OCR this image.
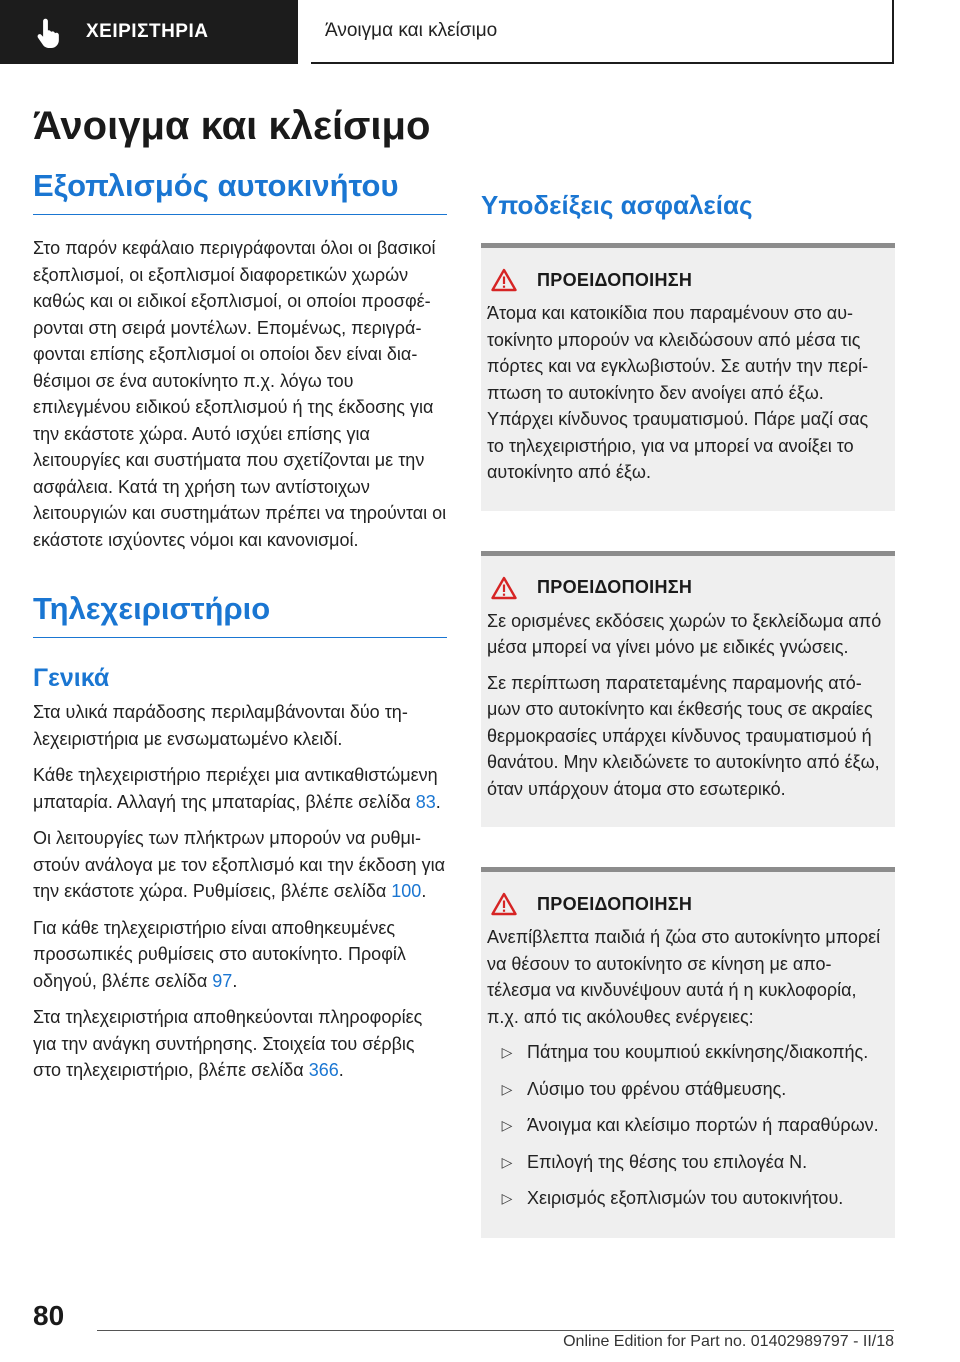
ΧΕΙΡΙΣΤΗΡΙΑ	Άνοιγμα και κλείσιμο
Άνοιγμα και κλείσιμο
Εξοπλισμός αυτοκινήτου

Στο παρόν κεφάλαιο περιγράφονται όλοι οι βασικοί εξοπλισμοί, οι εξοπλισμοί διαφορετικών χωρών καθώς και οι ειδικοί εξοπλισμοί, οι οποίοι προσφέρονται στη σειρά μοντέλων. Επομένως, περιγράφονται επίσης εξοπλισμοί οι οποίοι δεν είναι διαθέσιμοι σε ένα αυτοκίνητο π.χ. λόγω του επιλεγμένου ειδικού εξοπλισμού ή της έκδοσης για την εκάστοτε χώρα. Αυτό ισχύει επίσης για λειτουργίες και συστήματα που σχετίζονται με την ασφάλεια. Κατά τη χρήση των αντίστοιχων λειτουργιών και συστημάτων πρέπει να τηρούνται οι εκάστοτε ισχύοντες νόμοι και κανονισμοί.

Τηλεχειριστήριο
Γενικά

Στα υλικά παράδοσης περιλαμβάνονται δύο τηλεχειριστήρια με ενσωματωμένο κλειδί.

Κάθε τηλεχειριστήριο περιέχει μια αντικαθιστώμενη μπαταρία. Αλλαγή της μπαταρίας, βλέπε σελίδα 83.

Οι λειτουργίες των πλήκτρων μπορούν να ρυθμιστούν ανάλογα με τον εξοπλισμό και την έκδοση για την εκάστοτε χώρα. Ρυθμίσεις, βλέπε σελίδα 100.

Για κάθε τηλεχειριστήριο είναι αποθηκευμένες προσωπικές ρυθμίσεις στο αυτοκίνητο. Προφίλ οδηγού, βλέπε σελίδα 97.

Στα τηλεχειριστήρια αποθηκεύονται πληροφορίες για την ανάγκη συντήρησης. Στοιχεία του σέρβις στο τηλεχειριστήριο, βλέπε σελίδα 366.

Υποδείξεις ασφαλείας
ΠΡΟΕΙΔΟΠΟΙΗΣΗ

Άτομα και κατοικίδια που παραμένουν στο αυτοκίνητο μπορούν να κλειδώσουν από μέσα τις πόρτες και να εγκλωβιστούν. Σε αυτήν την περίπτωση το αυτοκίνητο δεν ανοίγει από έξω. Υπάρχει κίνδυνος τραυματισμού. Πάρε μαζί σας το τηλεχειριστήριο, για να μπορεί να ανοίξει το αυτοκίνητο από έξω.

ΠΡΟΕΙΔΟΠΟΙΗΣΗ

Σε ορισμένες εκδόσεις χωρών το ξεκλείδωμα από μέσα μπορεί να γίνει μόνο με ειδικές γνώσεις.

Σε περίπτωση παρατεταμένης παραμονής ατόμων στο αυτοκίνητο και έκθεσής τους σε ακραίες θερμοκρασίες υπάρχει κίνδυνος τραυματισμού ή θανάτου. Μην κλειδώνετε το αυτοκίνητο από έξω, όταν υπάρχουν άτομα στο εσωτερικό.

ΠΡΟΕΙΔΟΠΟΙΗΣΗ

Ανεπίβλεπτα παιδιά ή ζώα στο αυτοκίνητο μπορεί να θέσουν το αυτοκίνητο σε κίνηση με αποτέλεσμα να κινδυνέψουν αυτά ή η κυκλοφορία, π.χ. από τις ακόλουθες ενέργειες:

▷ Πάτημα του κουμπιού εκκίνησης/διακοπής.
▷ Λύσιμο του φρένου στάθμευσης.
▷ Άνοιγμα και κλείσιμο πορτών ή παραθύρων.
▷ Επιλογή της θέσης του επιλογέα N.
▷ Χειρισμός εξοπλισμών του αυτοκινήτου.

80

Online Edition for Part no. 01402989797 - II/18
